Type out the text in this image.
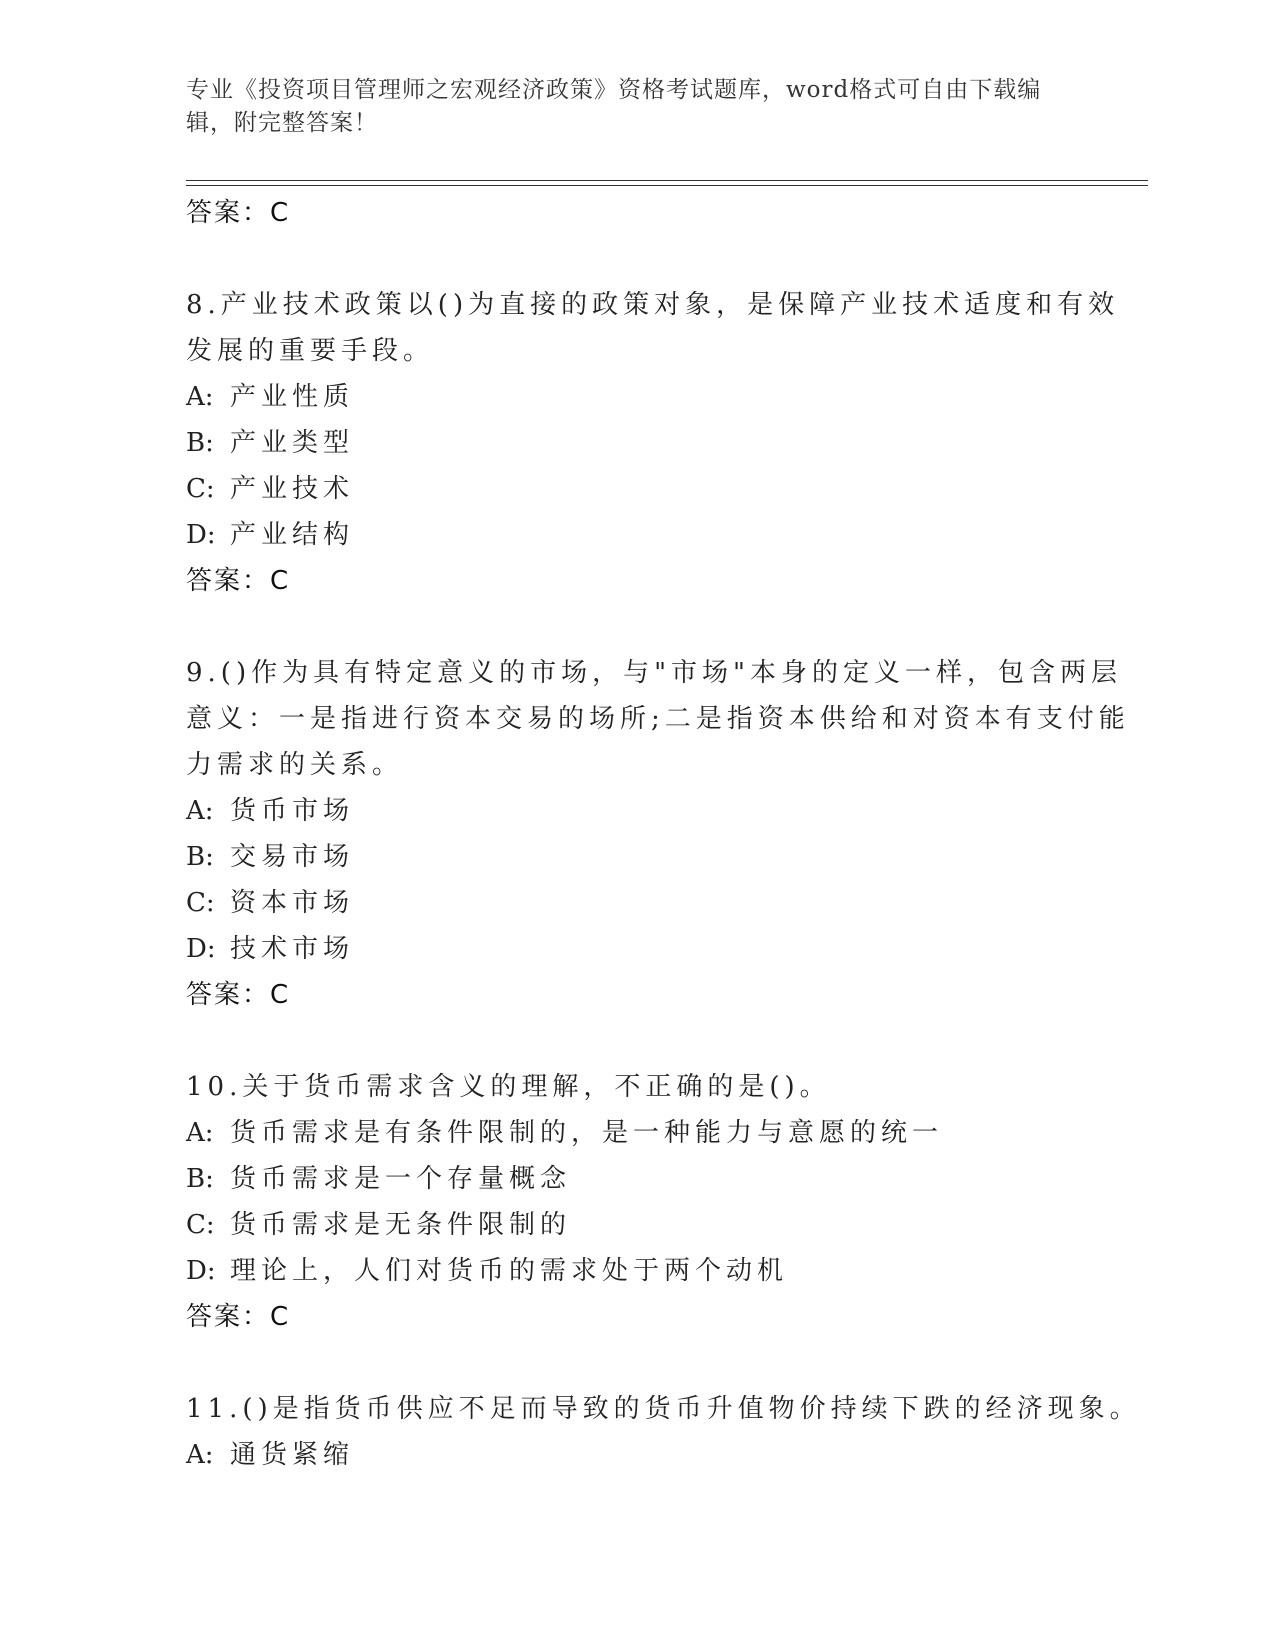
专业《投资项目管理师之宏观经济政策》资格考试题库，word格式可自由下载编
辑，附完整答案！
答案：C
8.产业技术政策以()为直接的政策对象，是保障产业技术适度和有效
发展的重要手段。
A: 产业性质
B: 产业类型
C: 产业技术
D: 产业结构
答案：C
9.()作为具有特定意义的市场，与"市场"本身的定义一样，包含两层
意义：一是指进行资本交易的场所;二是指资本供给和对资本有支付能
力需求的关系。
A: 货币市场
B: 交易市场
C: 资本市场
D: 技术市场
答案：C
10.关于货币需求含义的理解，不正确的是()。
A: 货币需求是有条件限制的，是一种能力与意愿的统一
B: 货币需求是一个存量概念
C: 货币需求是无条件限制的
D: 理论上，人们对货币的需求处于两个动机
答案：C
11.()是指货币供应不足而导致的货币升值物价持续下跌的经济现象。
A: 通货紧缩
